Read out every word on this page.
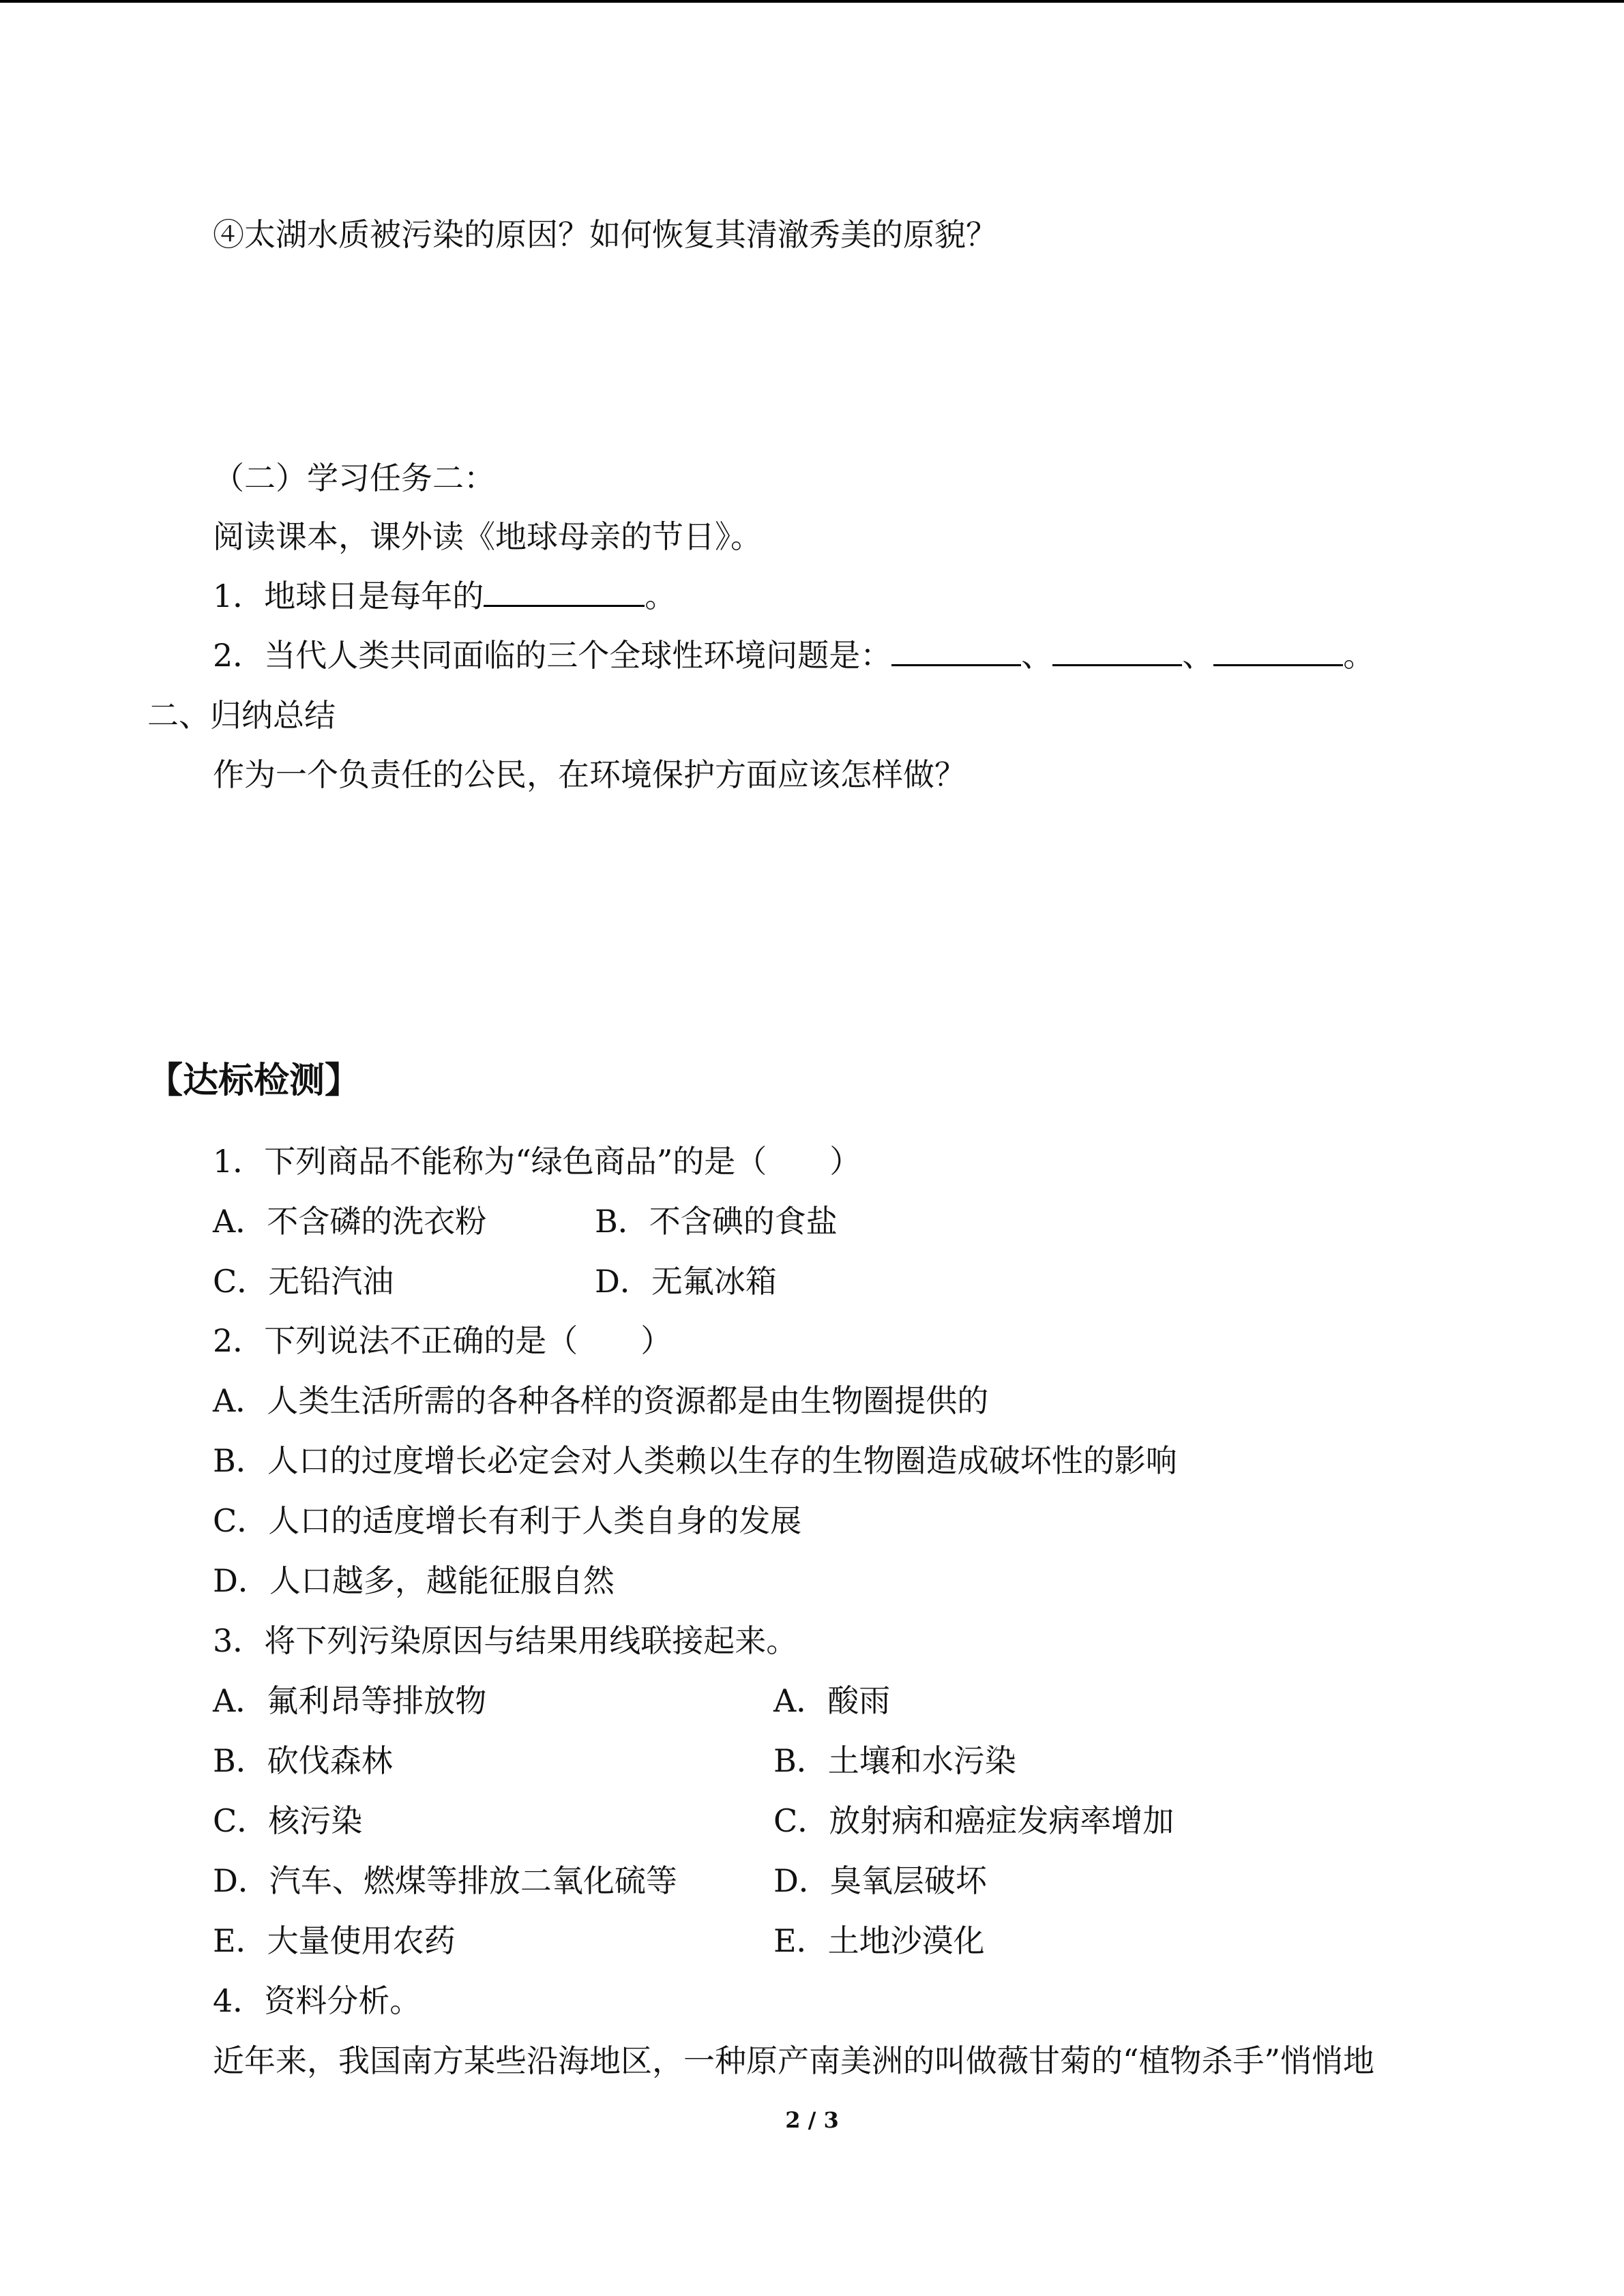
④太湖水质被污染的原因？如何恢复其清澈秀美的原貌？
（二）学习任务二：
阅读课本，课外读《地球母亲的节日》。
1．地球日是每年的	。
2．当代人类共同面临的三个全球性环境问题是：	、	、	。
二、归纳总结
作为一个负责任的公民，在环境保护方面应该怎样做？
【达标检测】
1．下列商品不能称为“绿色商品”的是（　　）
A．不含磷的洗衣粉	B．不含碘的食盐
C．无铅汽油	D．无氟冰箱
2．下列说法不正确的是（　　）
A．人类生活所需的各种各样的资源都是由生物圈提供的
B．人口的过度增长必定会对人类赖以生存的生物圈造成破坏性的影响
C．人口的适度增长有利于人类自身的发展
D．人口越多，越能征服自然
3．将下列污染原因与结果用线联接起来。
A．氟利昂等排放物	A．酸雨
B．砍伐森林	B．土壤和水污染
C．核污染	C．放射病和癌症发病率增加
D．汽车、燃煤等排放二氧化硫等	D．臭氧层破坏
E．大量使用农药	E．土地沙漠化
4．资料分析。
近年来，我国南方某些沿海地区，一种原产南美洲的叫做薇甘菊的“植物杀手”悄悄地
2 / 3
